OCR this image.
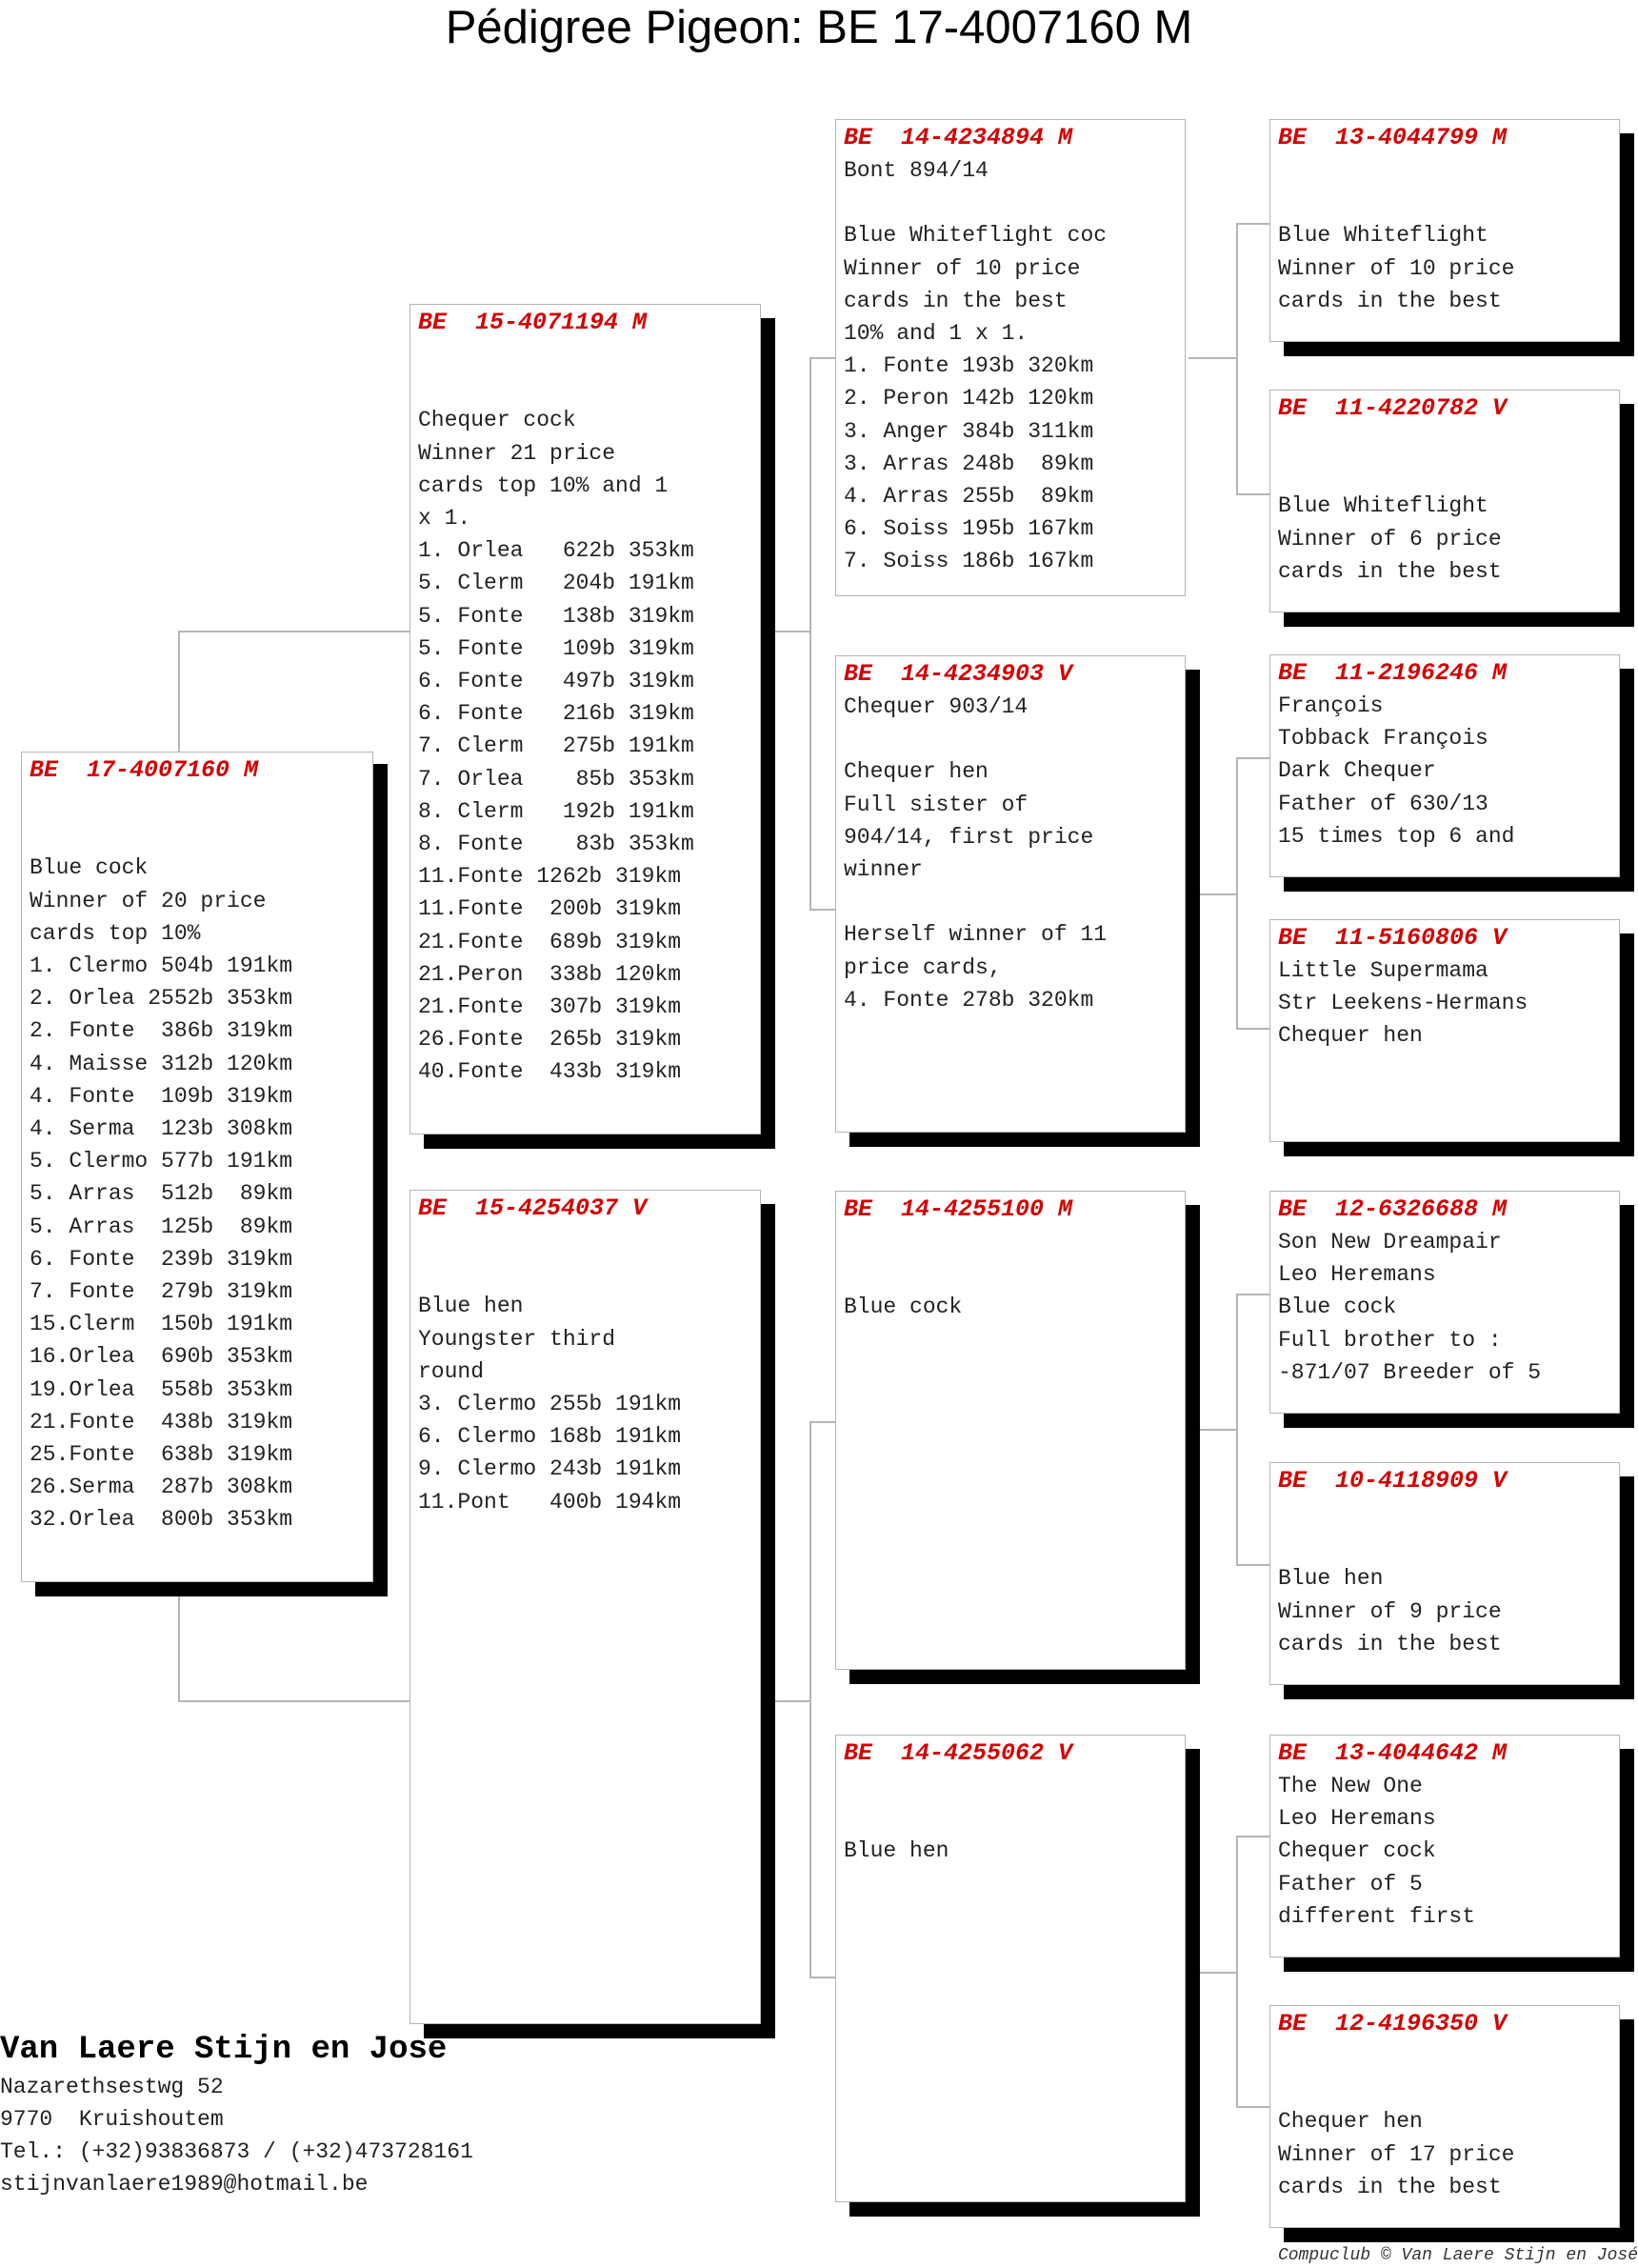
Pédigree Pigeon: BE 17-4007160 M
BE  17-4007160 M

Blue cock
Winner of 20 price
cards top 10%
1. Clermo 504b 191km
2. Orlea 2552b 353km
2. Fonte  386b 319km
4. Maisse 312b 120km
4. Fonte  109b 319km
4. Serma  123b 308km
5. Clermo 577b 191km
5. Arras  512b  89km
5. Arras  125b  89km
6. Fonte  239b 319km
7. Fonte  279b 319km
15.Clerm  150b 191km
16.Orlea  690b 353km
19.Orlea  558b 353km
21.Fonte  438b 319km
25.Fonte  638b 319km
26.Serma  287b 308km
32.Orlea  800b 353km
BE  15-4071194 M

Chequer cock
Winner 21 price
cards top 10% and 1
x 1.
1. Orlea   622b 353km
5. Clerm   204b 191km
5. Fonte   138b 319km
5. Fonte   109b 319km
6. Fonte   497b 319km
6. Fonte   216b 319km
7. Clerm   275b 191km
7. Orlea    85b 353km
8. Clerm   192b 191km
8. Fonte    83b 353km
11.Fonte 1262b 319km
11.Fonte  200b 319km
21.Fonte  689b 319km
21.Peron  338b 120km
21.Fonte  307b 319km
26.Fonte  265b 319km
40.Fonte  433b 319km
BE  15-4254037 V

Blue hen
Youngster third
round
3. Clermo 255b 191km
6. Clermo 168b 191km
9. Clermo 243b 191km
11.Pont   400b 194km
BE  14-4234894 M
Bont 894/14

Blue Whiteflight coc
Winner of 10 price
cards in the best
10% and 1 x 1.
1. Fonte 193b 320km
2. Peron 142b 120km
3. Anger 384b 311km
3. Arras 248b  89km
4. Arras 255b  89km
6. Soiss 195b 167km
7. Soiss 186b 167km
BE  14-4234903 V
Chequer 903/14

Chequer hen
Full sister of
904/14, first price
winner

Herself winner of 11
price cards,
4. Fonte 278b 320km
BE  14-4255100 M

Blue cock
BE  14-4255062 V

Blue hen
BE  13-4044799 M

Blue Whiteflight
Winner of 10 price
cards in the best
BE  11-4220782 V

Blue Whiteflight
Winner of 6 price
cards in the best
BE  11-2196246 M
François
Tobback François
Dark Chequer
Father of 630/13
15 times top 6 and
BE  11-5160806 V
Little Supermama
Str Leekens-Hermans
Chequer hen
BE  12-6326688 M
Son New Dreampair
Leo Heremans
Blue cock
Full brother to :
-871/07 Breeder of 5
BE  10-4118909 V

Blue hen
Winner of 9 price
cards in the best
BE  13-4044642 M
The New One
Leo Heremans
Chequer cock
Father of 5
different first
BE  12-4196350 V

Chequer hen
Winner of 17 price
cards in the best
Van Laere Stijn en José
Nazarethsestwg 52
9770  Kruishoutem
Tel.: (+32)93836873 / (+32)473728161
stijnvanlaere1989@hotmail.be
Compuclub © Van Laere Stijn en José
